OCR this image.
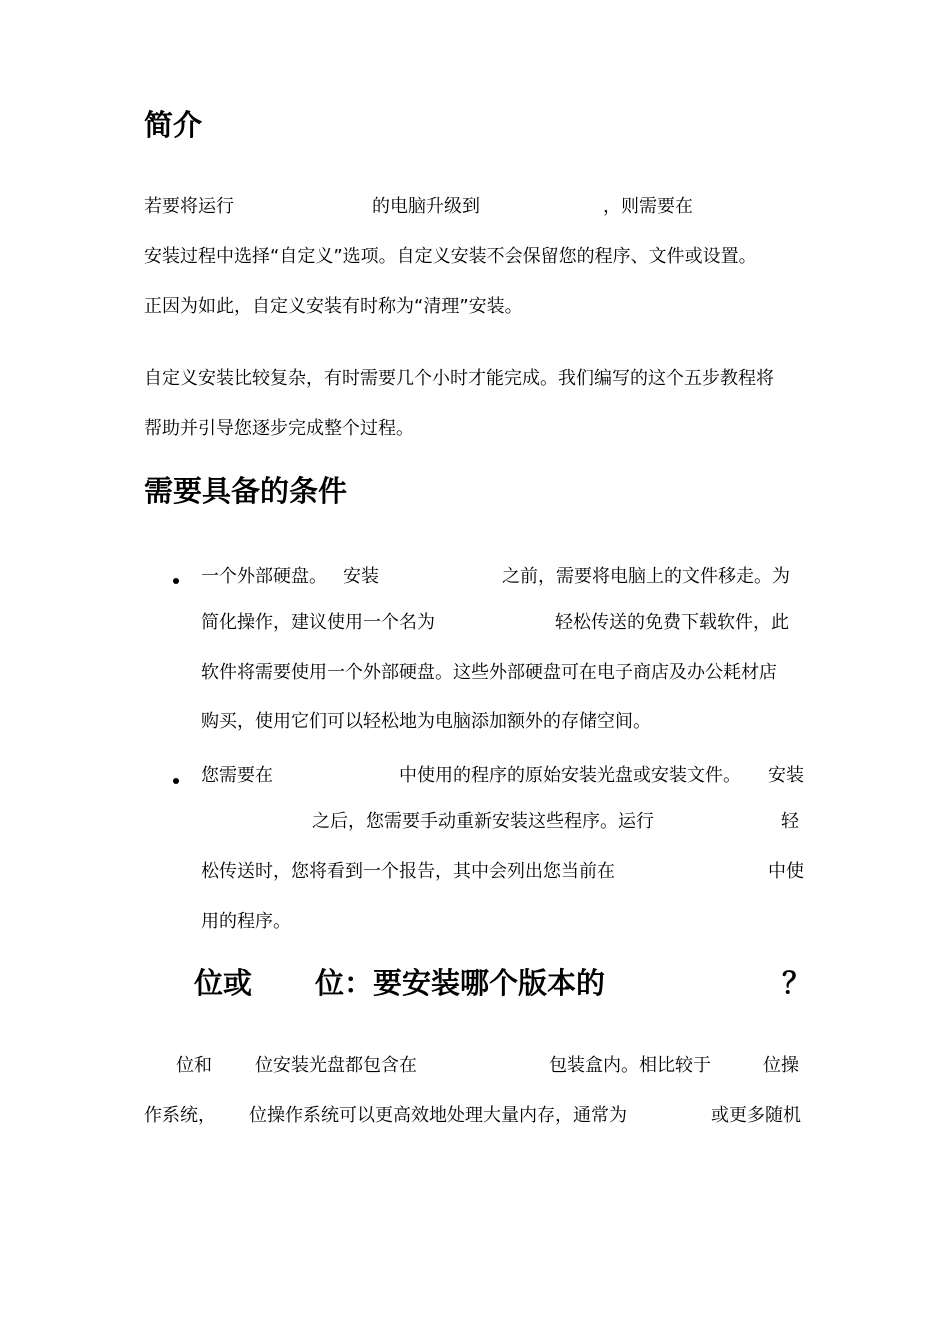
简介
若要将运行	的电脑升级到	，则需要在
安装过程中选择“自定义”选项。自定义安装不会保留您的程序、文件或设置。
正因为如此，自定义安装有时称为“清理”安装。
自定义安装比较复杂，有时需要几个小时才能完成。我们编写的这个五步教程将
帮助并引导您逐步完成整个过程。
需要具备的条件
一个外部硬盘。 安装	之前，需要将电脑上的文件移走。为
简化操作，建议使用一个名为	轻松传送的免费下载软件，此
软件将需要使用一个外部硬盘。这些外部硬盘可在电子商店及办公耗材店
购买，使用它们可以轻松地为电脑添加额外的存储空间。
您需要在	中使用的程序的原始安装光盘或安装文件。 安装
之后，您需要手动重新安装这些程序。运行	轻
松传送时，您将看到一个报告，其中会列出您当前在	中使
用的程序。
位或 位：要安装哪个版本的	？
位和 位安装光盘都包含在	包装盒内。相比较于	位操
作系统， 位操作系统可以更高效地处理大量内存，通常为	或更多随机
